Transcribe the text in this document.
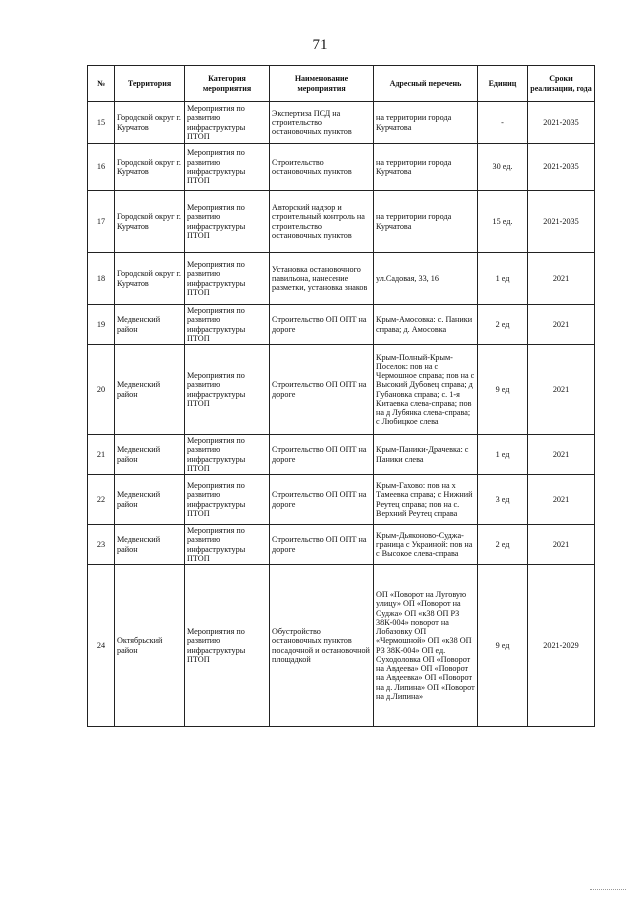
71
№	Территория	Категория мероприятия	Наименование мероприятия	Адресный перечень	Единиц	Сроки реализации, года
15	Городской округ г. Курчатов	Мероприятия по развитию инфраструктуры ПТОП	Экспертиза ПСД на строительство остановочных пунктов	на территории города Курчатова	-	2021-2035
16	Городской округ г. Курчатов	Мероприятия по развитию инфраструктуры ПТОП	Строительство остановочных пунктов	на территории города Курчатова	30 ед.	2021-2035
17	Городской округ г. Курчатов	Мероприятия по развитию инфраструктуры ПТОП	Авторский надзор и строительный контроль на строительство остановочных пунктов	на территории города Курчатова	15 ед.	2021-2035
18	Городской округ г. Курчатов	Мероприятия по развитию инфраструктуры ПТОП	Установка остановочного павильона, нанесение разметки, установка знаков	ул.Садовая, 33, 16	1 ед	2021
19	Медвенский район	Мероприятия по развитию инфраструктуры ПТОП	Строительство ОП ОПТ на дороге	Крым-Амосовка: с. Паники справа; д. Амосовка	2 ед	2021
20	Медвенский район	Мероприятия по развитию инфраструктуры ПТОП	Строительство ОП ОПТ на дороге	Крым-Полный-Крым-Поселок: пов на с Чермошное справа; пов на с Высокий Дубовец справа; д Губановка справа; с. 1-я Китаевка слева-справа; пов на д Лубянка слева-справа; с Любицкое слева	9 ед	2021
21	Медвенский район	Мероприятия по развитию инфраструктуры ПТОП	Строительство ОП ОПТ на дороге	Крым-Паники-Драчевка: с Паники слева	1 ед	2021
22	Медвенский район	Мероприятия по развитию инфраструктуры ПТОП	Строительство ОП ОПТ на дороге	Крым-Гахово: пов на х Тамеевка справа; с Нижний Реутец справа; пов на с. Верхний Реутец справа	3 ед	2021
23	Медвенский район	Мероприятия по развитию инфраструктуры ПТОП	Строительство ОП ОПТ на дороге	Крым-Дьяконово-Суджа-граница с Украиной: пов на с Высокое слева-справа	2 ед	2021
24	Октябрьский район	Мероприятия по развитию инфраструктуры ПТОП	Обустройство остановочных пунктов посадочной и остановочной площадкой	ОП «Поворот на Луговую улицу» ОП «Поворот на Суджа» ОП «к38 ОП РЗ 38К-004» поворот на Лобазовку ОП «Чермошной» ОП «к38 ОП РЗ 38К-004» ОП ед. Суходоловка ОП «Поворот на Авдеева» ОП «Поворот на Авдеевка» ОП «Поворот на д. Липина» ОП «Поворот на д.Липина»	9 ед	2021-2029
